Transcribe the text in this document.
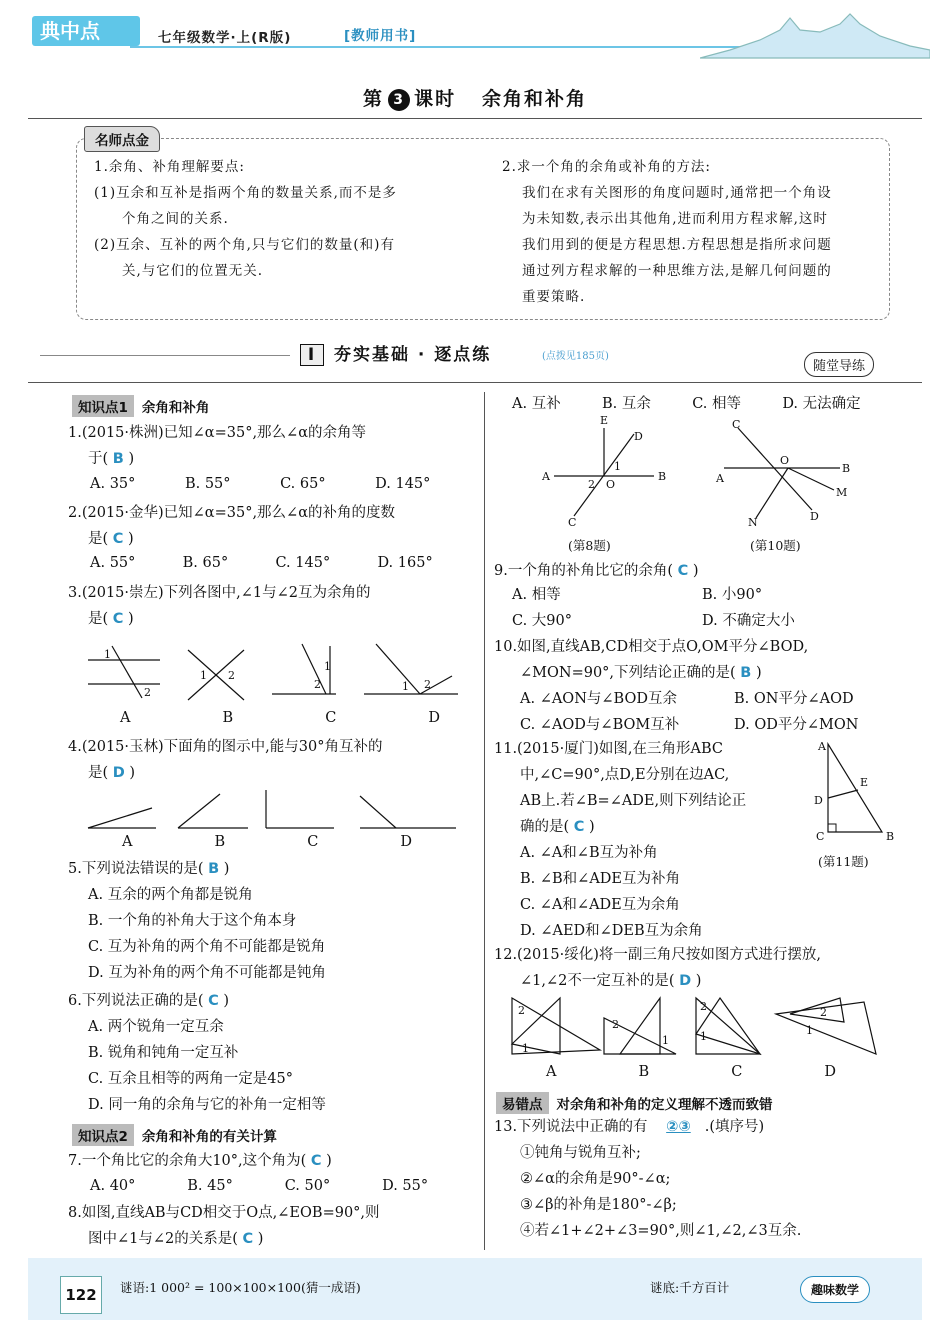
典中点	七年级数学·上(R版)	[教师用书]
第 3 课时 余角和补角
名师点金
1.余角、补角理解要点:
(1)互余和互补是指两个角的数量关系,而不是多
个角之间的关系.
(2)互余、互补的两个角,只与它们的数量(和)有
关,与它们的位置无关.
2.求一个角的余角或补角的方法:
我们在求有关图形的角度问题时,通常把一个角设
为未知数,表示出其他角,进而利用方程求解,这时
我们用到的便是方程思想.方程思想是指所求问题
通过列方程求解的一种思维方法,是解几何问题的
重要策略.
Ⅰ 夯实基础 · 逐点练	(点拨见185页)
随堂导练
知识点1 余角和补角
1.(2015·株洲)已知∠α=35°,那么∠α的余角等
于( B )
A. 35°	B. 55°	C. 65°	D. 145°
2.(2015·金华)已知∠α=35°,那么∠α的补角的度数
是( C )
A. 55°	B. 65°	C. 145°	D. 165°
3.(2015·崇左)下列各图中,∠1与∠2互为余角的
是( C )
1
2
1 2
2
1
1 2
A	B	C	D
4.(2015·玉林)下面角的图示中,能与30°角互补的
是( D )
A	B	C	D
5.下列说法错误的是( B )
A. 互余的两个角都是锐角
B. 一个角的补角大于这个角本身
C. 互为补角的两个角不可能都是锐角
D. 互为补角的两个角不可能都是钝角
6.下列说法正确的是( C )
A. 两个锐角一定互余
B. 锐角和钝角一定互补
C. 互余且相等的两角一定是45°
D. 同一角的余角与它的补角一定相等
知识点2 余角和补角的有关计算
7.一个角比它的余角大10°,这个角为( C )
A. 40°	B. 45°	C. 50°	D. 55°
8.如图,直线AB与CD相交于O点,∠EOB=90°,则
图中∠1与∠2的关系是( C )
A. 互补	B. 互余	C. 相等	D. 无法确定
A	B
E
D
C
O
1
2
(第8题)
C
O
A
B
M
D
N
(第10题)
9.一个角的补角比它的余角( C )
A. 相等	B. 小90°
C. 大90°	D. 不确定大小
10.如图,直线AB,CD相交于点O,OM平分∠BOD,
∠MON=90°,下列结论正确的是( B )
A. ∠AON与∠BOD互余	B. ON平分∠AOD
C. ∠AOD与∠BOM互补	D. OD平分∠MON
11.(2015·厦门)如图,在三角形ABC
中,∠C=90°,点D,E分别在边AC,
AB上.若∠B=∠ADE,则下列结论正
确的是( C )
A. ∠A和∠B互为补角
B. ∠B和∠ADE互为补角
C. ∠A和∠ADE互为余角
D. ∠AED和∠DEB互为余角
A
E
D
C	B
(第11题)
12.(2015·绥化)将一副三角尺按如图方式进行摆放,
∠1,∠2不一定互补的是( D )
2
1
2
1
2
1
2
1
A	B	C	D
易错点 对余角和补角的定义理解不透而致错
13.下列说法中正确的有 ②③ .(填序号)
①钝角与锐角互补;
②∠α的余角是90°-∠α;
③∠β的补角是180°-∠β;
④若∠1+∠2+∠3=90°,则∠1,∠2,∠3互余.
122	谜语:1 000² = 100×100×100(猜一成语)	谜底:千方百计	趣味数学
